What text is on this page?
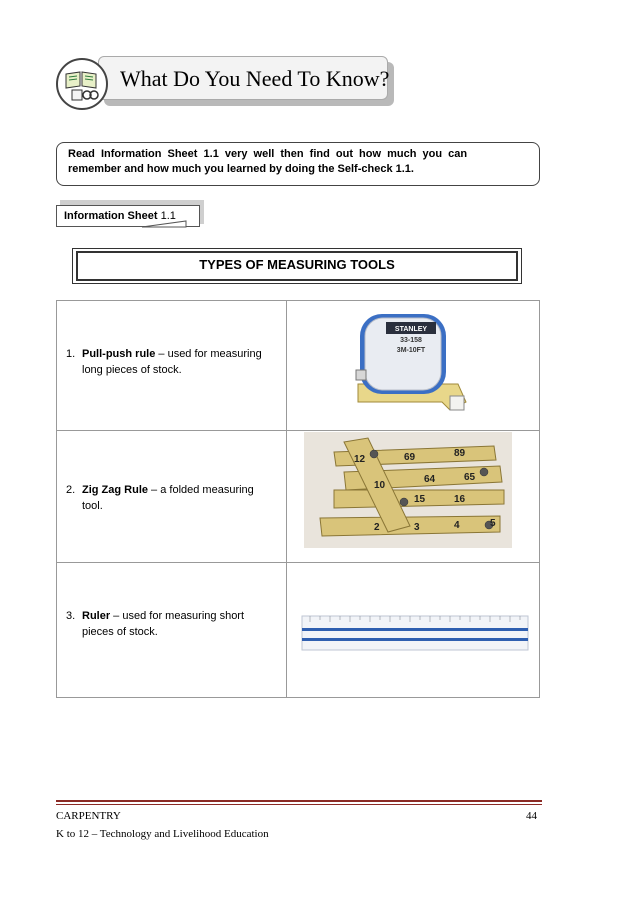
What Do You Need To Know?
Read Information Sheet 1.1 very well then find out how much you can
remember and how much you learned by doing the Self-check 1.1.
Information Sheet 1.1
TYPES OF MEASURING TOOLS
1. Pull-push rule – used for measuring
long pieces of stock.
2. Zig Zag Rule – a folded measuring
tool.
3. Ruler – used for measuring short
pieces of stock.
STANLEY
33-158
3M-10FT
12	69	89
64	65
15	16
10
2	3	4	5
CARPENTRY
K to 12 – Technology and Livelihood Education
44
